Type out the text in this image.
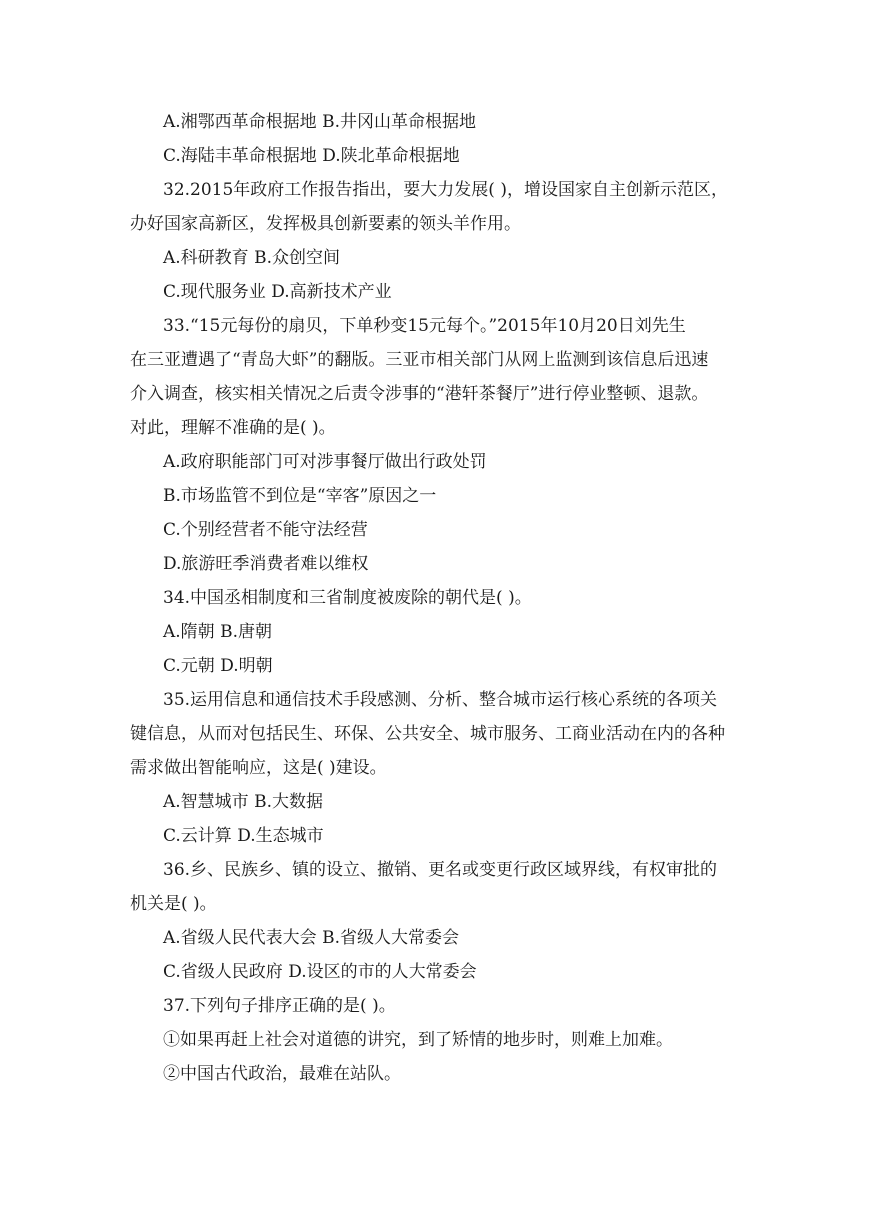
A.湘鄂西革命根据地 B.井冈山革命根据地
C.海陆丰革命根据地 D.陕北革命根据地
32.2015年政府工作报告指出，要大力发展( )，增设国家自主创新示范区，
办好国家高新区，发挥极具创新要素的领头羊作用。
A.科研教育 B.众创空间
C.现代服务业 D.高新技术产业
33.“15元每份的扇贝，下单秒变15元每个。”2015年10月20日刘先生
在三亚遭遇了“青岛大虾”的翻版。三亚市相关部门从网上监测到该信息后迅速
介入调查，核实相关情况之后责令涉事的“港轩茶餐厅”进行停业整顿、退款。
对此，理解不准确的是( )。
A.政府职能部门可对涉事餐厅做出行政处罚
B.市场监管不到位是“宰客”原因之一
C.个别经营者不能守法经营
D.旅游旺季消费者难以维权
34.中国丞相制度和三省制度被废除的朝代是( )。
A.隋朝 B.唐朝
C.元朝 D.明朝
35.运用信息和通信技术手段感测、分析、整合城市运行核心系统的各项关
键信息，从而对包括民生、环保、公共安全、城市服务、工商业活动在内的各种
需求做出智能响应，这是( )建设。
A.智慧城市 B.大数据
C.云计算 D.生态城市
36.乡、民族乡、镇的设立、撤销、更名或变更行政区域界线，有权审批的
机关是( )。
A.省级人民代表大会 B.省级人大常委会
C.省级人民政府 D.设区的市的人大常委会
37.下列句子排序正确的是( )。
①如果再赶上社会对道德的讲究，到了矫情的地步时，则难上加难。
②中国古代政治，最难在站队。
